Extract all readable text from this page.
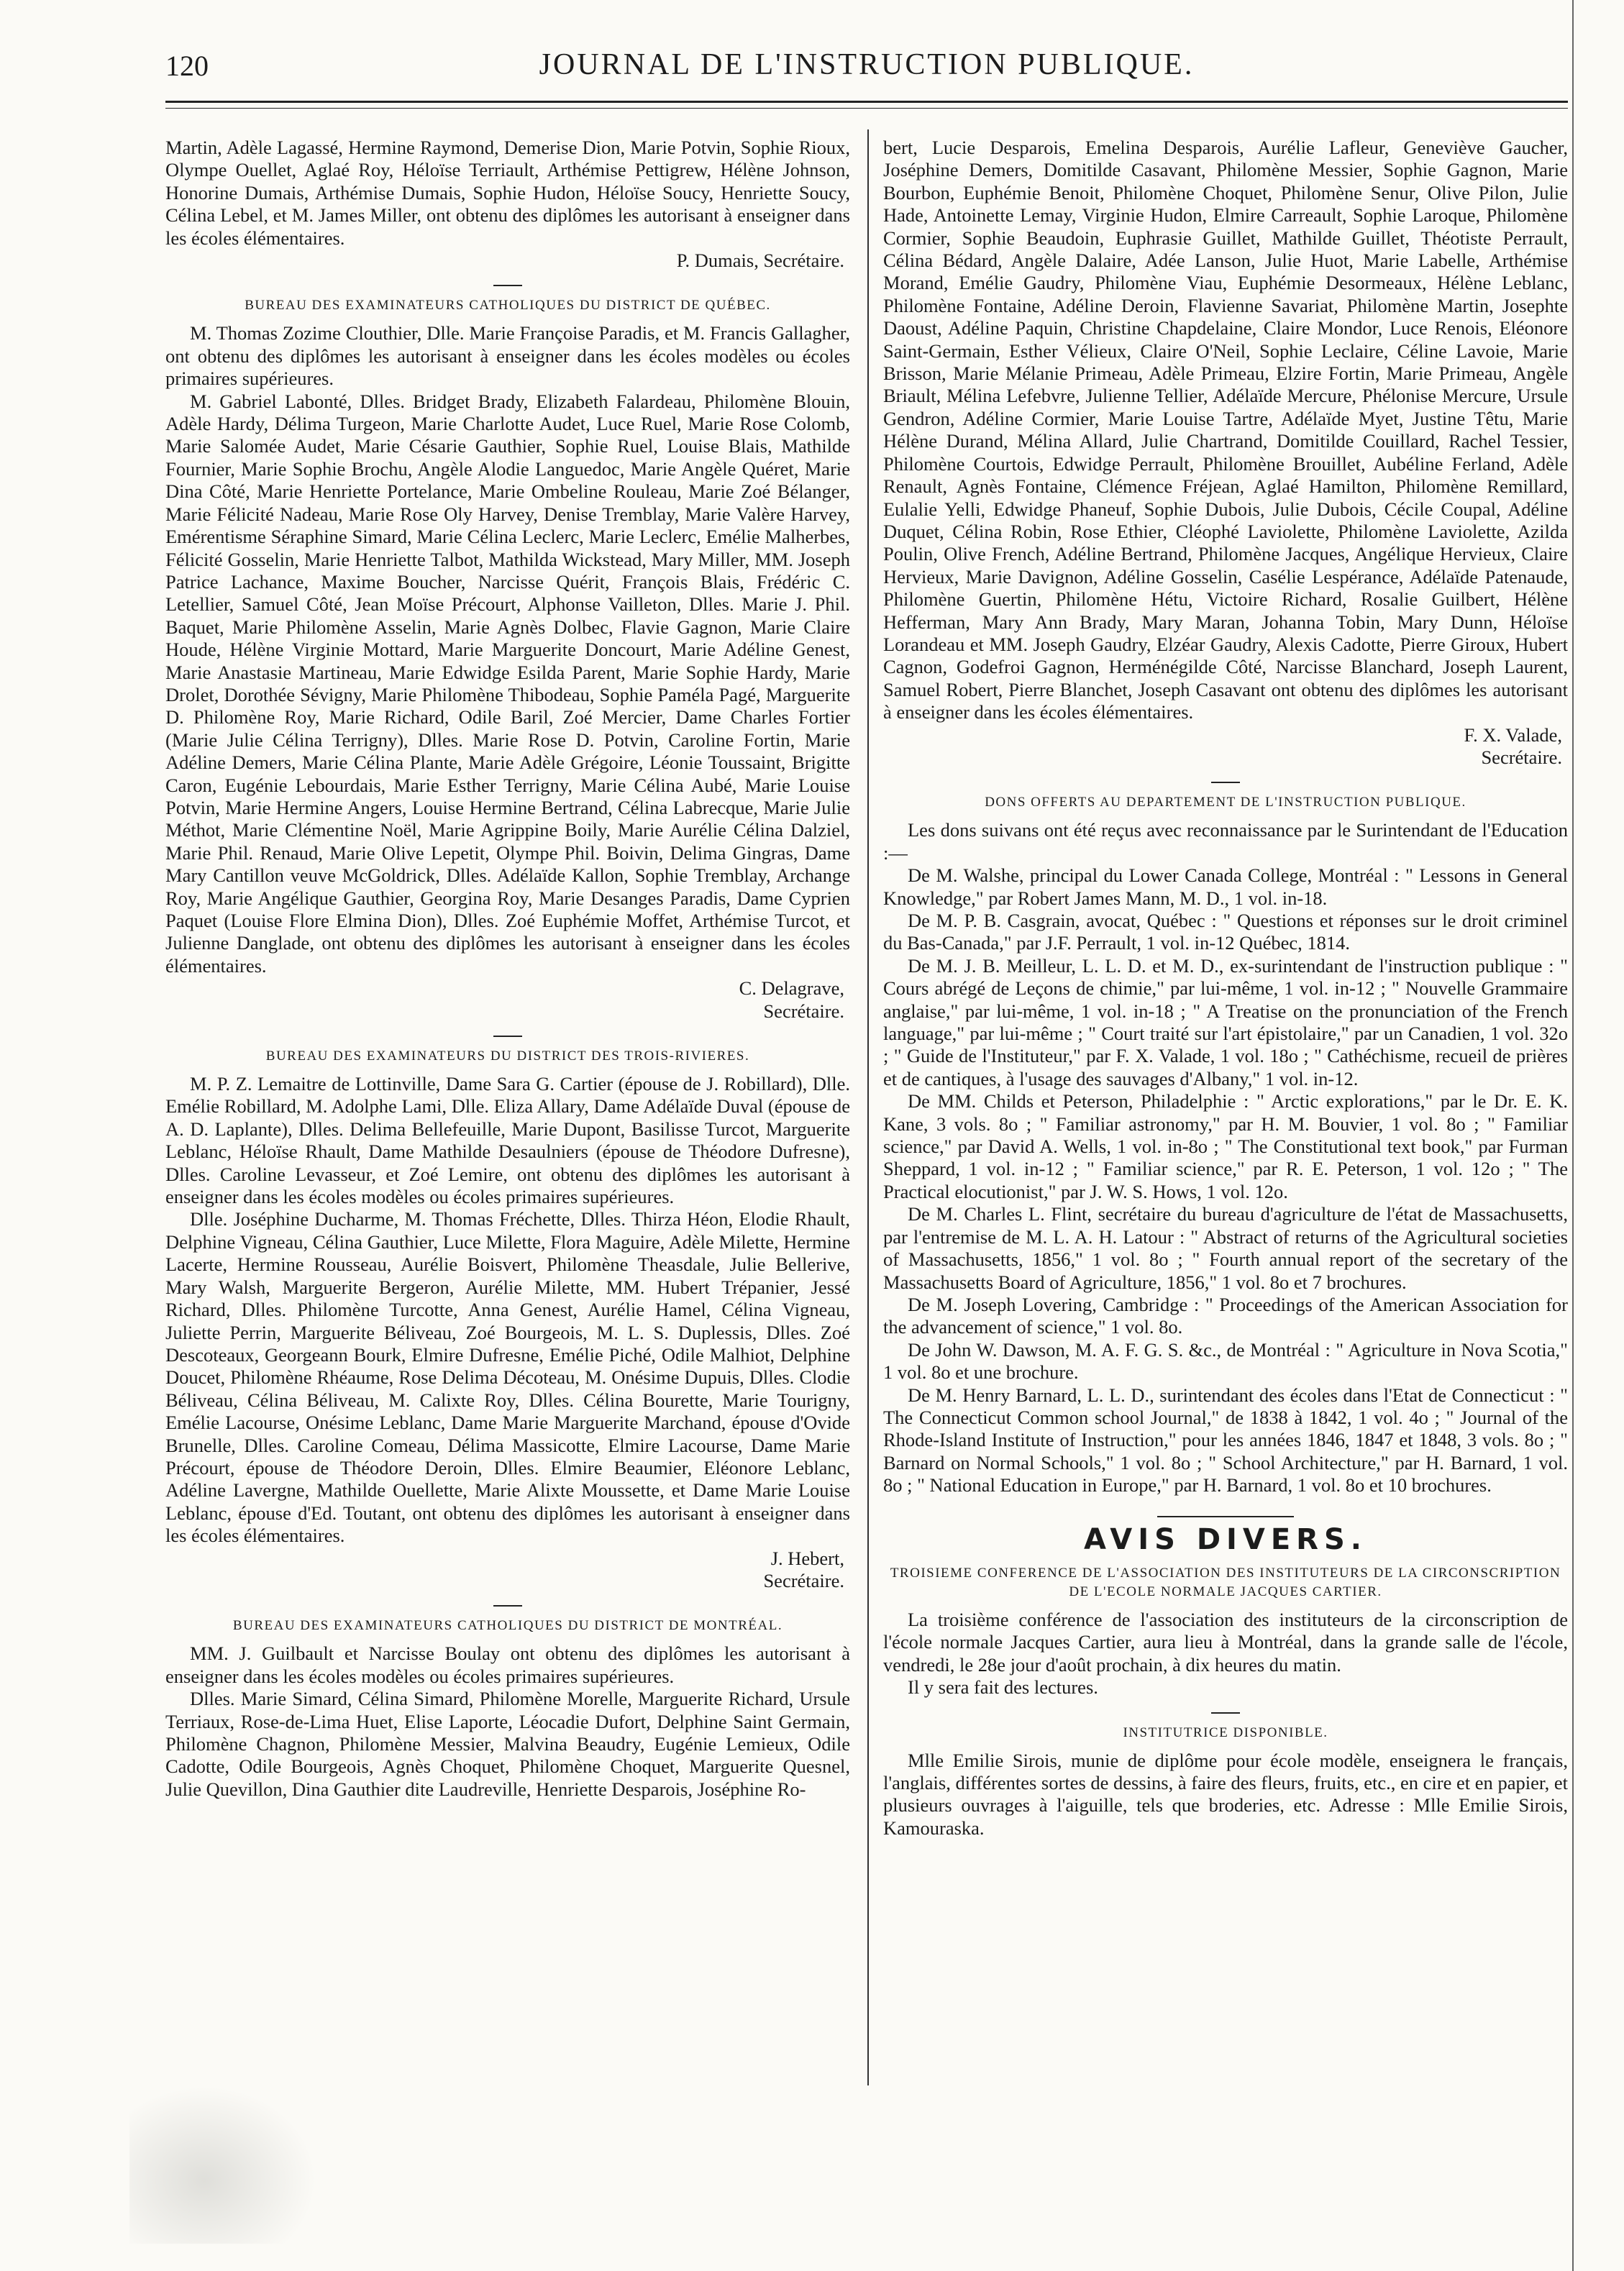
120	JOURNAL DE L'INSTRUCTION PUBLIQUE.

Martin, Adèle Lagassé, Hermine Raymond, Demerise Dion, Marie Potvin, Sophie Rioux, Olympe Ouellet, Aglaé Roy, Héloïse Terriault, Arthémise Pettigrew, Hélène Johnson, Honorine Dumais, Arthémise Dumais, Sophie Hudon, Héloïse Soucy, Henriette Soucy, Célina Lebel, et M. James Miller, ont obtenu des diplômes les autorisant à enseigner dans les écoles élémentaires.

P. Dumais, Secrétaire.

BUREAU DES EXAMINATEURS CATHOLIQUES DU DISTRICT DE QUÉBEC.

M. Thomas Zozime Clouthier, Dlle. Marie Françoise Paradis, et M. Francis Gallagher, ont obtenu des diplômes les autorisant à enseigner dans les écoles modèles ou écoles primaires supérieures.

M. Gabriel Labonté, Dlles. Bridget Brady, Elizabeth Falardeau, Philomène Blouin, Adèle Hardy, Délima Turgeon, Marie Charlotte Audet, Luce Ruel, Marie Rose Colomb, Marie Salomée Audet, Marie Césarie Gauthier, Sophie Ruel, Louise Blais, Mathilde Fournier, Marie Sophie Brochu, Angèle Alodie Languedoc, Marie Angèle Quéret, Marie Dina Côté, Marie Henriette Portelance, Marie Ombeline Rouleau, Marie Zoé Bélanger, Marie Félicité Nadeau, Marie Rose Oly Harvey, Denise Tremblay, Marie Valère Harvey, Emérentisme Séraphine Simard, Marie Célina Leclerc, Marie Leclerc, Emélie Malherbes, Félicité Gosselin, Marie Henriette Talbot, Mathilda Wickstead, Mary Miller, MM. Joseph Patrice Lachance, Maxime Boucher, Narcisse Quérit, François Blais, Frédéric C. Letellier, Samuel Côté, Jean Moïse Précourt, Alphonse Vailleton, Dlles. Marie J. Phil. Baquet, Marie Philomène Asselin, Marie Agnès Dolbec, Flavie Gagnon, Marie Claire Houde, Hélène Virginie Mottard, Marie Marguerite Doncourt, Marie Adéline Genest, Marie Anastasie Martineau, Marie Edwidge Esilda Parent, Marie Sophie Hardy, Marie Drolet, Dorothée Sévigny, Marie Philomène Thibodeau, Sophie Paméla Pagé, Marguerite D. Philomène Roy, Marie Richard, Odile Baril, Zoé Mercier, Dame Charles Fortier (Marie Julie Célina Terrigny), Dlles. Marie Rose D. Potvin, Caroline Fortin, Marie Adéline Demers, Marie Célina Plante, Marie Adèle Grégoire, Léonie Toussaint, Brigitte Caron, Eugénie Lebourdais, Marie Esther Terrigny, Marie Célina Aubé, Marie Louise Potvin, Marie Hermine Angers, Louise Hermine Bertrand, Célina Labrecque, Marie Julie Méthot, Marie Clémentine Noël, Marie Agrippine Boily, Marie Aurélie Célina Dalziel, Marie Phil. Renaud, Marie Olive Lepetit, Olympe Phil. Boivin, Delima Gingras, Dame Mary Cantillon veuve McGoldrick, Dlles. Adélaïde Kallon, Sophie Tremblay, Archange Roy, Marie Angélique Gauthier, Georgina Roy, Marie Desanges Paradis, Dame Cyprien Paquet (Louise Flore Elmina Dion), Dlles. Zoé Euphémie Moffet, Arthémise Turcot, et Julienne Danglade, ont obtenu des diplômes les autorisant à enseigner dans les écoles élémentaires.

C. Delagrave,

Secrétaire.

BUREAU DES EXAMINATEURS DU DISTRICT DES TROIS-RIVIERES.

M. P. Z. Lemaitre de Lottinville, Dame Sara G. Cartier (épouse de J. Robillard), Dlle. Emélie Robillard, M. Adolphe Lami, Dlle. Eliza Allary, Dame Adélaïde Duval (épouse de A. D. Laplante), Dlles. Delima Bellefeuille, Marie Dupont, Basilisse Turcot, Marguerite Leblanc, Héloïse Rhault, Dame Mathilde Desaulniers (épouse de Théodore Dufresne), Dlles. Caroline Levasseur, et Zoé Lemire, ont obtenu des diplômes les autorisant à enseigner dans les écoles modèles ou écoles primaires supérieures.

Dlle. Joséphine Ducharme, M. Thomas Fréchette, Dlles. Thirza Héon, Elodie Rhault, Delphine Vigneau, Célina Gauthier, Luce Milette, Flora Maguire, Adèle Milette, Hermine Lacerte, Hermine Rousseau, Aurélie Boisvert, Philomène Theasdale, Julie Bellerive, Mary Walsh, Marguerite Bergeron, Aurélie Milette, MM. Hubert Trépanier, Jessé Richard, Dlles. Philomène Turcotte, Anna Genest, Aurélie Hamel, Célina Vigneau, Juliette Perrin, Marguerite Béliveau, Zoé Bourgeois, M. L. S. Duplessis, Dlles. Zoé Descoteaux, Georgeann Bourk, Elmire Dufresne, Emélie Piché, Odile Malhiot, Delphine Doucet, Philomène Rhéaume, Rose Delima Décoteau, M. Onésime Dupuis, Dlles. Clodie Béliveau, Célina Béliveau, M. Calixte Roy, Dlles. Célina Bourette, Marie Tourigny, Emélie Lacourse, Onésime Leblanc, Dame Marie Marguerite Marchand, épouse d'Ovide Brunelle, Dlles. Caroline Comeau, Délima Massicotte, Elmire Lacourse, Dame Marie Précourt, épouse de Théodore Deroin, Dlles. Elmire Beaumier, Eléonore Leblanc, Adéline Lavergne, Mathilde Ouellette, Marie Alixte Moussette, et Dame Marie Louise Leblanc, épouse d'Ed. Toutant, ont obtenu des diplômes les autorisant à enseigner dans les écoles élémentaires.

J. Hebert,

Secrétaire.

BUREAU DES EXAMINATEURS CATHOLIQUES DU DISTRICT DE MONTRÉAL.

MM. J. Guilbault et Narcisse Boulay ont obtenu des diplômes les autorisant à enseigner dans les écoles modèles ou écoles primaires supérieures.

Dlles. Marie Simard, Célina Simard, Philomène Morelle, Marguerite Richard, Ursule Terriaux, Rose-de-Lima Huet, Elise Laporte, Léocadie Dufort, Delphine Saint Germain, Philomène Chagnon, Philomène Messier, Malvina Beaudry, Eugénie Lemieux, Odile Cadotte, Odile Bourgeois, Agnès Choquet, Philomène Choquet, Marguerite Quesnel, Julie Quevillon, Dina Gauthier dite Laudreville, Henriette Desparois, Joséphine Ro-

bert, Lucie Desparois, Emelina Desparois, Aurélie Lafleur, Geneviève Gaucher, Joséphine Demers, Domitilde Casavant, Philomène Messier, Sophie Gagnon, Marie Bourbon, Euphémie Benoit, Philomène Choquet, Philomène Senur, Olive Pilon, Julie Hade, Antoinette Lemay, Virginie Hudon, Elmire Carreault, Sophie Laroque, Philomène Cormier, Sophie Beaudoin, Euphrasie Guillet, Mathilde Guillet, Théotiste Perrault, Célina Bédard, Angèle Dalaire, Adée Lanson, Julie Huot, Marie Labelle, Arthémise Morand, Emélie Gaudry, Philomène Viau, Euphémie Desormeaux, Hélène Leblanc, Philomène Fontaine, Adéline Deroin, Flavienne Savariat, Philomène Martin, Josephte Daoust, Adéline Paquin, Christine Chapdelaine, Claire Mondor, Luce Renois, Eléonore Saint-Germain, Esther Vélieux, Claire O'Neil, Sophie Leclaire, Céline Lavoie, Marie Brisson, Marie Mélanie Primeau, Adèle Primeau, Elzire Fortin, Marie Primeau, Angèle Briault, Mélina Lefebvre, Julienne Tellier, Adélaïde Mercure, Phélonise Mercure, Ursule Gendron, Adéline Cormier, Marie Louise Tartre, Adélaïde Myet, Justine Têtu, Marie Hélène Durand, Mélina Allard, Julie Chartrand, Domitilde Couillard, Rachel Tessier, Philomène Courtois, Edwidge Perrault, Philomène Brouillet, Aubéline Ferland, Adèle Renault, Agnès Fontaine, Clémence Fréjean, Aglaé Hamilton, Philomène Remillard, Eulalie Yelli, Edwidge Phaneuf, Sophie Dubois, Julie Dubois, Cécile Coupal, Adéline Duquet, Célina Robin, Rose Ethier, Cléophé Laviolette, Philomène Laviolette, Azilda Poulin, Olive French, Adéline Bertrand, Philomène Jacques, Angélique Hervieux, Claire Hervieux, Marie Davignon, Adéline Gosselin, Casélie Lespérance, Adélaïde Patenaude, Philomène Guertin, Philomène Hétu, Victoire Richard, Rosalie Guilbert, Hélène Hefferman, Mary Ann Brady, Mary Maran, Johanna Tobin, Mary Dunn, Héloïse Lorandeau et MM. Joseph Gaudry, Elzéar Gaudry, Alexis Cadotte, Pierre Giroux, Hubert Cagnon, Godefroi Gagnon, Herménégilde Côté, Narcisse Blanchard, Joseph Laurent, Samuel Robert, Pierre Blanchet, Joseph Casavant ont obtenu des diplômes les autorisant à enseigner dans les écoles élémentaires.

F. X. Valade,

Secrétaire.

DONS OFFERTS AU DEPARTEMENT DE L'INSTRUCTION PUBLIQUE.

Les dons suivans ont été reçus avec reconnaissance par le Surintendant de l'Education :—

De M. Walshe, principal du Lower Canada College, Montréal : " Lessons in General Knowledge," par Robert James Mann, M. D., 1 vol. in-18.

De M. P. B. Casgrain, avocat, Québec : " Questions et réponses sur le droit criminel du Bas-Canada," par J.F. Perrault, 1 vol. in-12 Québec, 1814.

De M. J. B. Meilleur, L. L. D. et M. D., ex-surintendant de l'instruction publique : " Cours abrégé de Leçons de chimie," par lui-même, 1 vol. in-12 ; " Nouvelle Grammaire anglaise," par lui-même, 1 vol. in-18 ; " A Treatise on the pronunciation of the French language," par lui-même ; " Court traité sur l'art épistolaire," par un Canadien, 1 vol. 32o ; " Guide de l'Instituteur," par F. X. Valade, 1 vol. 18o ; " Cathéchisme, recueil de prières et de cantiques, à l'usage des sauvages d'Albany," 1 vol. in-12.

De MM. Childs et Peterson, Philadelphie : " Arctic explorations," par le Dr. E. K. Kane, 3 vols. 8o ; " Familiar astronomy," par H. M. Bouvier, 1 vol. 8o ; " Familiar science," par David A. Wells, 1 vol. in-8o ; " The Constitutional text book," par Furman Sheppard, 1 vol. in-12 ; " Familiar science," par R. E. Peterson, 1 vol. 12o ; " The Practical elocutionist," par J. W. S. Hows, 1 vol. 12o.

De M. Charles L. Flint, secrétaire du bureau d'agriculture de l'état de Massachusetts, par l'entremise de M. L. A. H. Latour : " Abstract of returns of the Agricultural societies of Massachusetts, 1856," 1 vol. 8o ; " Fourth annual report of the secretary of the Massachusetts Board of Agriculture, 1856," 1 vol. 8o et 7 brochures.

De M. Joseph Lovering, Cambridge : " Proceedings of the American Association for the advancement of science," 1 vol. 8o.

De John W. Dawson, M. A. F. G. S. &c., de Montréal : " Agriculture in Nova Scotia," 1 vol. 8o et une brochure.

De M. Henry Barnard, L. L. D., surintendant des écoles dans l'Etat de Connecticut : " The Connecticut Common school Journal," de 1838 à 1842, 1 vol. 4o ; " Journal of the Rhode-Island Institute of Instruction," pour les années 1846, 1847 et 1848, 3 vols. 8o ; " Barnard on Normal Schools," 1 vol. 8o ; " School Architecture," par H. Barnard, 1 vol. 8o ; " National Education in Europe," par H. Barnard, 1 vol. 8o et 10 brochures.

AVIS DIVERS.
TROISIEME CONFERENCE DE L'ASSOCIATION DES INSTITUTEURS DE LA CIRCONSCRIPTION DE L'ECOLE NORMALE JACQUES CARTIER.

La troisième conférence de l'association des instituteurs de la circonscription de l'école normale Jacques Cartier, aura lieu à Montréal, dans la grande salle de l'école, vendredi, le 28e jour d'août prochain, à dix heures du matin.

Il y sera fait des lectures.

INSTITUTRICE DISPONIBLE.

Mlle Emilie Sirois, munie de diplôme pour école modèle, enseignera le français, l'anglais, différentes sortes de dessins, à faire des fleurs, fruits, etc., en cire et en papier, et plusieurs ouvrages à l'aiguille, tels que broderies, etc. Adresse : Mlle Emilie Sirois, Kamouraska.
